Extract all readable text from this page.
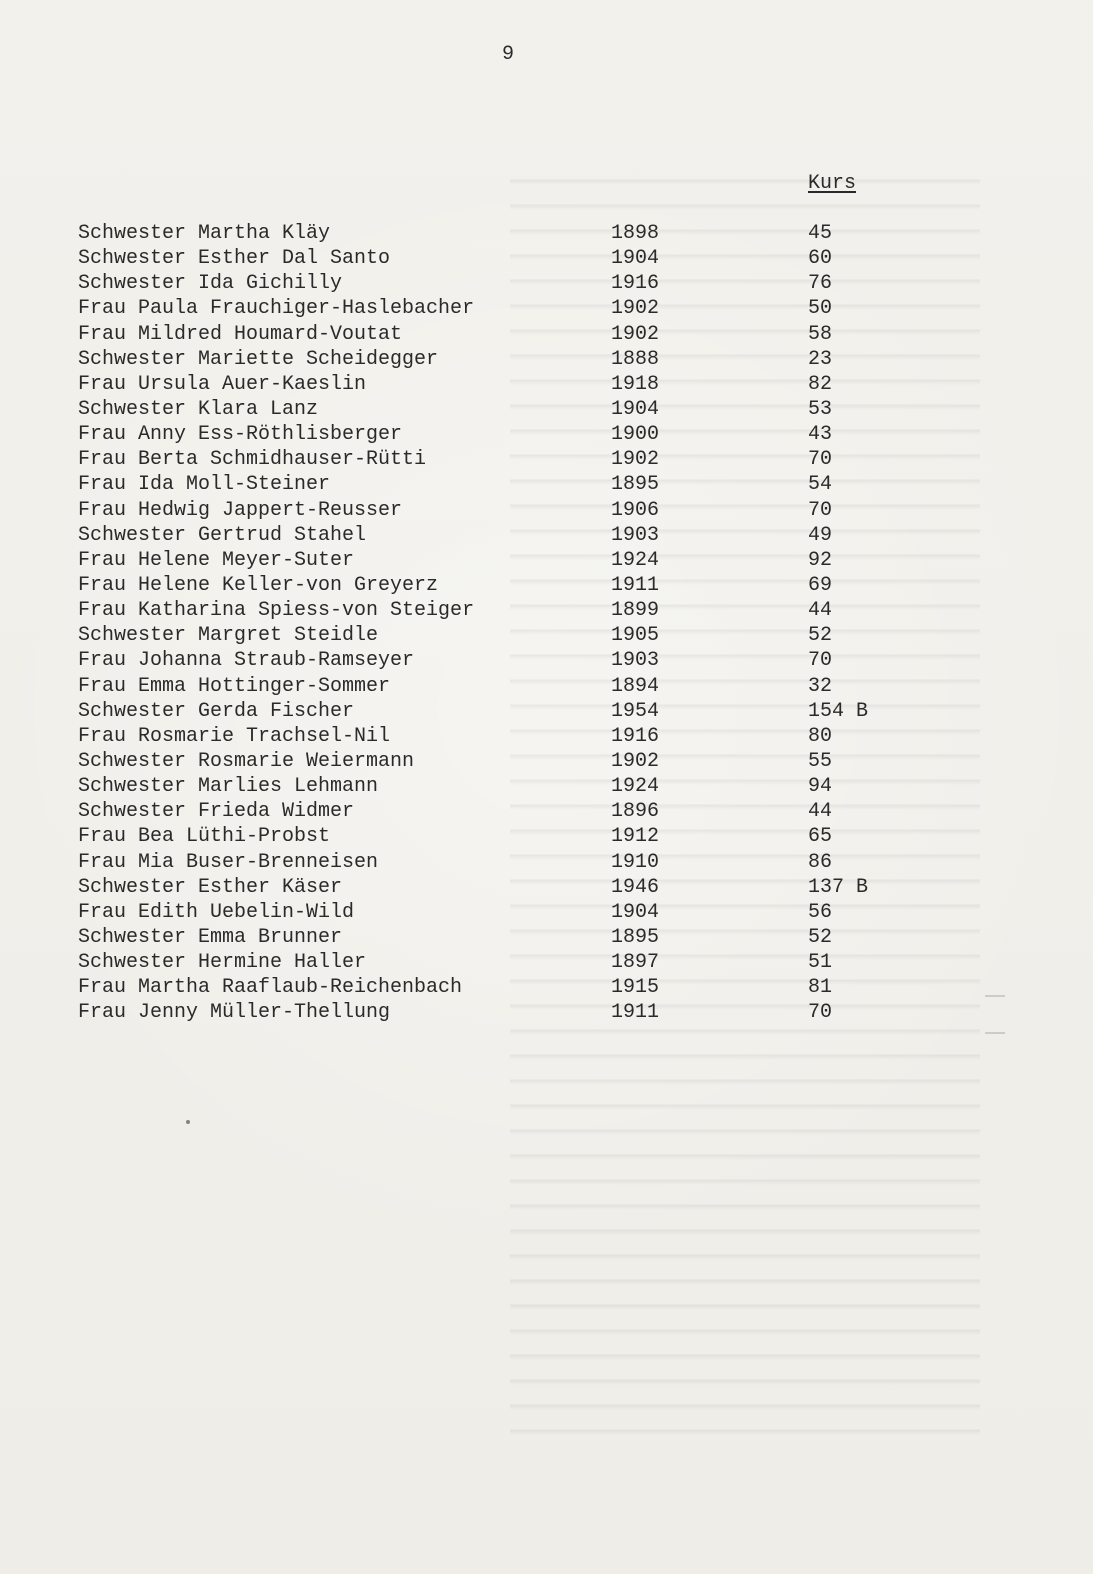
9
Kurs
Schwester Martha Kläy	1898	45
Schwester Esther Dal Santo	1904	60
Schwester Ida Gichilly	1916	76
Frau Paula Frauchiger-Haslebacher	1902	50
Frau Mildred Houmard-Voutat	1902	58
Schwester Mariette Scheidegger	1888	23
Frau Ursula Auer-Kaeslin	1918	82
Schwester Klara Lanz	1904	53
Frau Anny Ess-Röthlisberger	1900	43
Frau Berta Schmidhauser-Rütti	1902	70
Frau Ida Moll-Steiner	1895	54
Frau Hedwig Jappert-Reusser	1906	70
Schwester Gertrud Stahel	1903	49
Frau Helene Meyer-Suter	1924	92
Frau Helene Keller-von Greyerz	1911	69
Frau Katharina Spiess-von Steiger	1899	44
Schwester Margret Steidle	1905	52
Frau Johanna Straub-Ramseyer	1903	70
Frau Emma Hottinger-Sommer	1894	32
Schwester Gerda Fischer	1954	154 B
Frau Rosmarie Trachsel-Nil	1916	80
Schwester Rosmarie Weiermann	1902	55
Schwester Marlies Lehmann	1924	94
Schwester Frieda Widmer	1896	44
Frau Bea Lüthi-Probst	1912	65
Frau Mia Buser-Brenneisen	1910	86
Schwester Esther Käser	1946	137 B
Frau Edith Uebelin-Wild	1904	56
Schwester Emma Brunner	1895	52
Schwester Hermine Haller	1897	51
Frau Martha Raaflaub-Reichenbach	1915	81
Frau Jenny Müller-Thellung	1911	70
